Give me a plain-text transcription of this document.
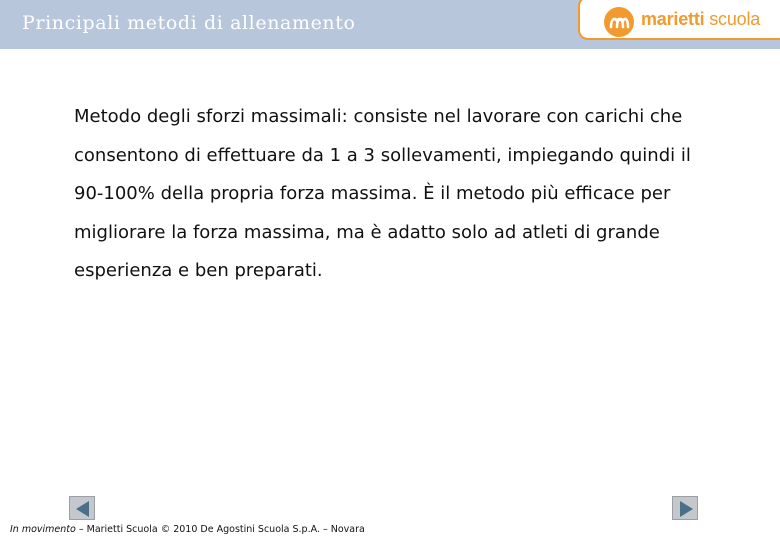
Principali metodi di allenamento	marietti scuola
Metodo degli sforzi massimali: consiste nel lavorare con carichi che consentono di effettuare da 1 a 3 sollevamenti, impiegando quindi il 90-100% della propria forza massima. È il metodo più efficace per migliorare la forza massima, ma è adatto solo ad atleti di grande esperienza e ben preparati.
In movimento – Marietti Scuola © 2010 De Agostini Scuola S.p.A. – Novara
